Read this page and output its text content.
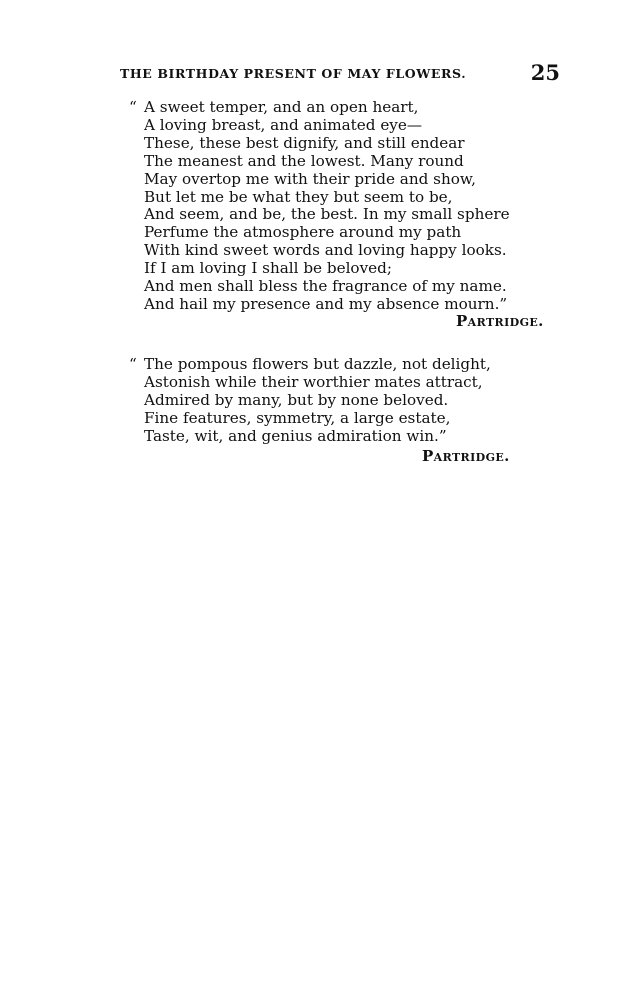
THE BIRTHDAY PRESENT OF MAY FLOWERS.	25
“ A sweet temper, and an open heart,
A loving breast, and animated eye—
These, these best dignify, and still endear
The meanest and the lowest. Many round
May overtop me with their pride and show,
But let me be what they but seem to be,
And seem, and be, the best. In my small sphere
Perfume the atmosphere around my path
With kind sweet words and loving happy looks.
If I am loving I shall be beloved;
And men shall bless the fragrance of my name.
And hail my presence and my absence mourn.”
Partridge.
“ The pompous flowers but dazzle, not delight,
Astonish while their worthier mates attract,
Admired by many, but by none beloved.
Fine features, symmetry, a large estate,
Taste, wit, and genius admiration win.”
Partridge.
